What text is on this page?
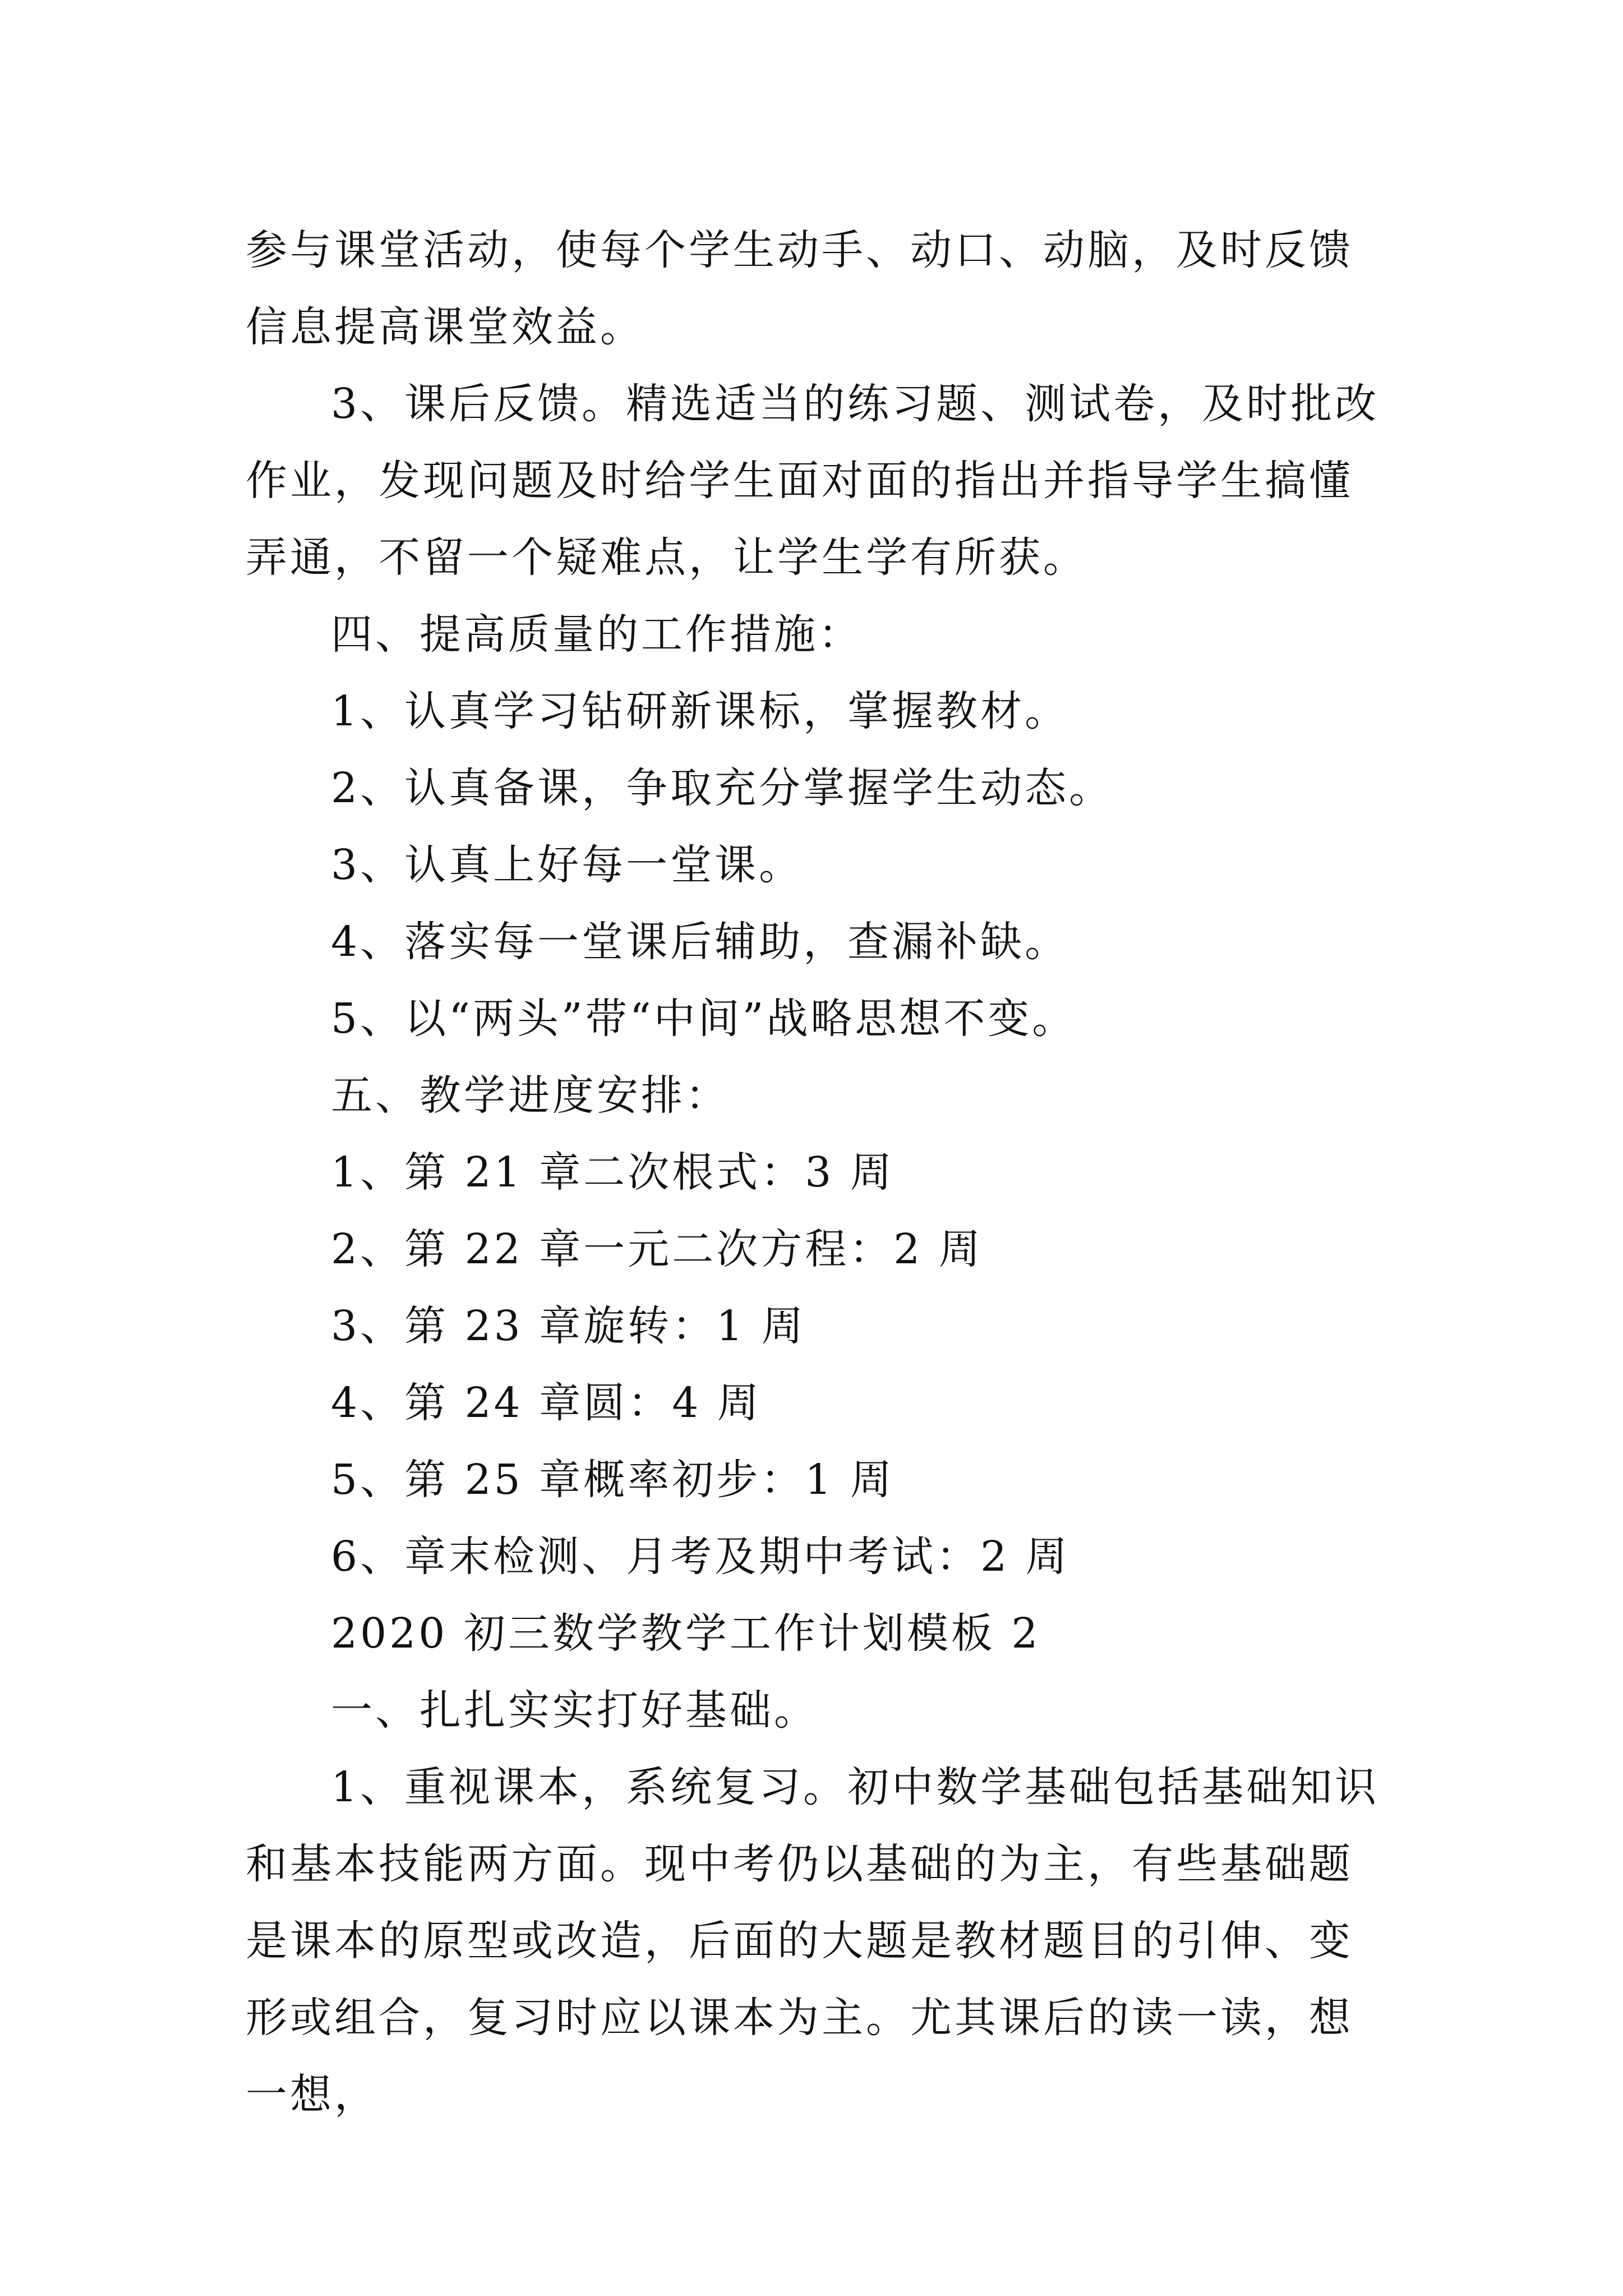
参与课堂活动，使每个学生动手、动口、动脑，及时反馈信息提高课堂效益。

3、课后反馈。精选适当的练习题、测试卷，及时批改作业，发现问题及时给学生面对面的指出并指导学生搞懂弄通，不留一个疑难点，让学生学有所获。

四、提高质量的工作措施：

1、认真学习钻研新课标，掌握教材。

2、认真备课，争取充分掌握学生动态。

3、认真上好每一堂课。

4、落实每一堂课后辅助，查漏补缺。

5、以“两头”带“中间”战略思想不变。

五、教学进度安排：

1、第 21 章二次根式：3 周

2、第 22 章一元二次方程：2 周

3、第 23 章旋转：1 周

4、第 24 章圆：4 周

5、第 25 章概率初步：1 周

6、章末检测、月考及期中考试：2 周

2020 初三数学教学工作计划模板 2

一、扎扎实实打好基础。

1、重视课本，系统复习。初中数学基础包括基础知识和基本技能两方面。现中考仍以基础的为主，有些基础题是课本的原型或改造，后面的大题是教材题目的引伸、变形或组合，复习时应以课本为主。尤其课后的读一读，想一想，
